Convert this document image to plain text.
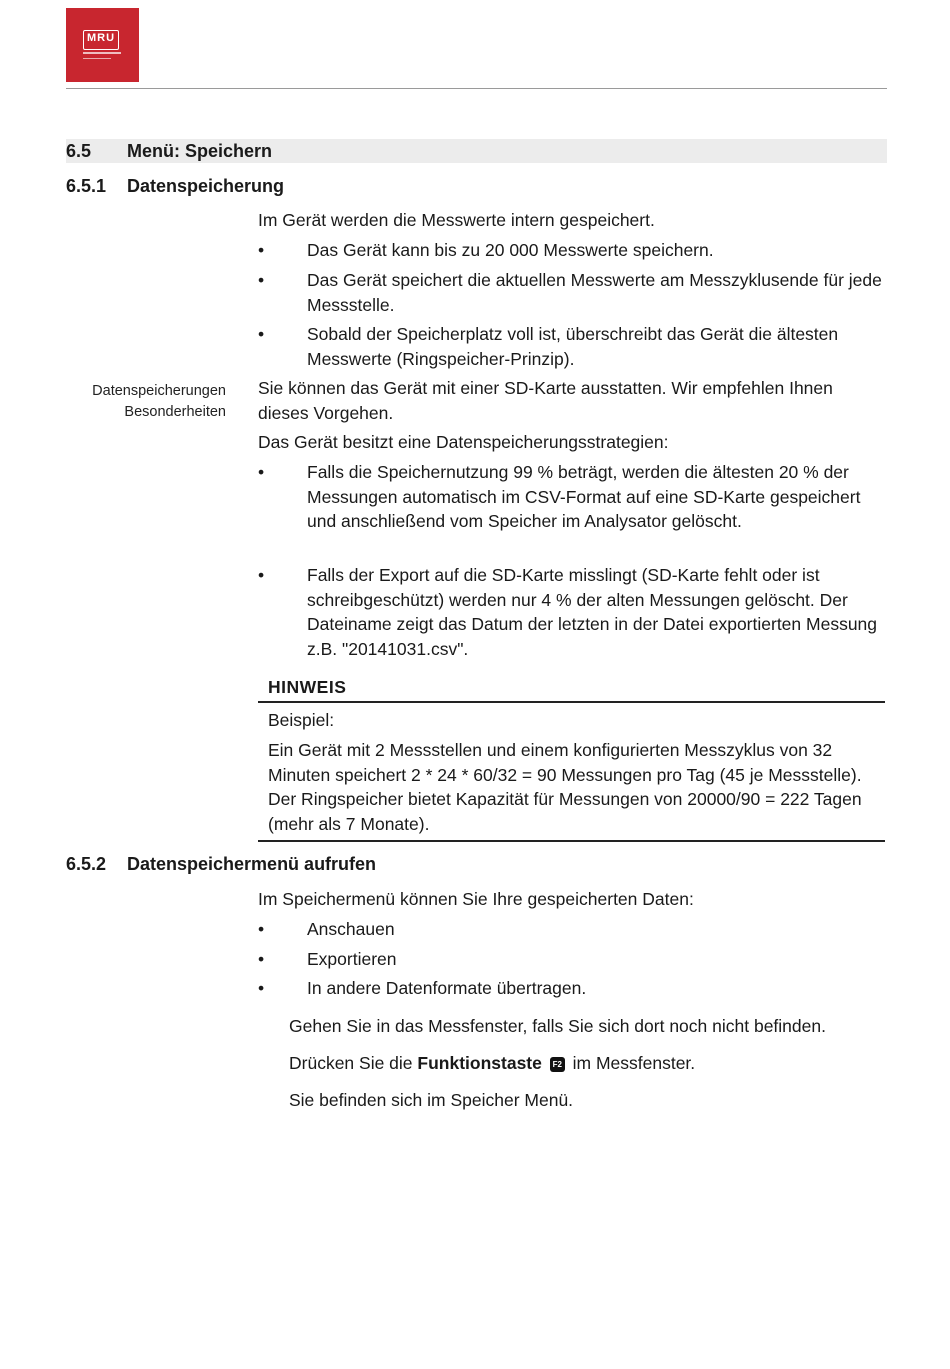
MRU
6.5 Menü: Speichern
6.5.1 Datenspeicherung
Im Gerät werden die Messwerte intern gespeichert.
•	Das Gerät kann bis zu 20 000 Messwerte speichern.
•	Das Gerät speichert die aktuellen Messwerte am Messzyklusende für jede Messstelle.
•	Sobald der Speicherplatz voll ist, überschreibt das Gerät die ältesten Messwerte (Ringspeicher-Prinzip).
Datenspeicherungen
Besonderheiten
Sie können das Gerät mit einer SD-Karte ausstatten. Wir empfehlen Ihnen dieses Vorgehen.
Das Gerät besitzt eine Datenspeicherungsstrategien:
•	Falls die Speichernutzung 99 % beträgt, werden die ältesten 20 % der Messungen automatisch im CSV-Format auf eine SD-Karte gespeichert und anschließend vom Speicher im Analysator gelöscht.
•	Falls der Export auf die SD-Karte misslingt (SD-Karte fehlt oder ist schreibgeschützt) werden nur 4 % der alten Messungen gelöscht. Der Dateiname zeigt das Datum der letzten in der Datei exportierten Messung z.B. "20141031.csv".
HINWEIS
Beispiel:
Ein Gerät mit 2 Messstellen und einem konfigurierten Messzyklus von 32 Minuten speichert 2 * 24 * 60/32 = 90 Messungen pro Tag (45 je Messstelle). Der Ringspeicher bietet Kapazität für Messungen von 20000/90 = 222 Tagen (mehr als 7 Monate).
6.5.2 Datenspeichermenü aufrufen
Im Speichermenü können Sie Ihre gespeicherten Daten:
•	Anschauen
•	Exportieren
•	In andere Datenformate übertragen.
Gehen Sie in das Messfenster, falls Sie sich dort noch nicht befinden.
Drücken Sie die Funktionstaste F2 im Messfenster.
Sie befinden sich im Speicher Menü.
